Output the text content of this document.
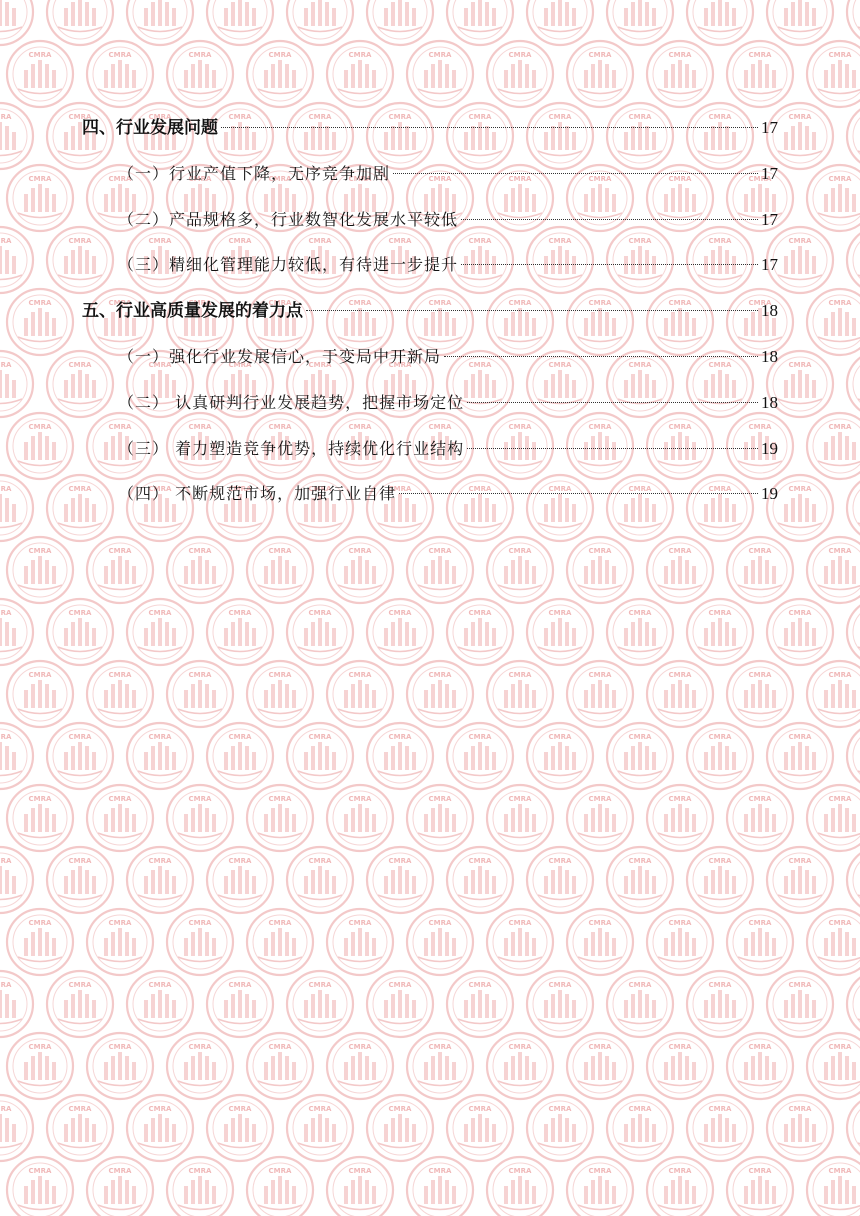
四、行业发展问题	17
（一）行业产值下降，无序竞争加剧	17
（二）产品规格多，行业数智化发展水平较低	17
（三）精细化管理能力较低，有待进一步提升	17
五、行业高质量发展的着力点	18
（一）强化行业发展信心，于变局中开新局	18
（二） 认真研判行业发展趋势，把握市场定位	18
（三） 着力塑造竞争优势，持续优化行业结构	19
（四） 不断规范市场，加强行业自律	19
